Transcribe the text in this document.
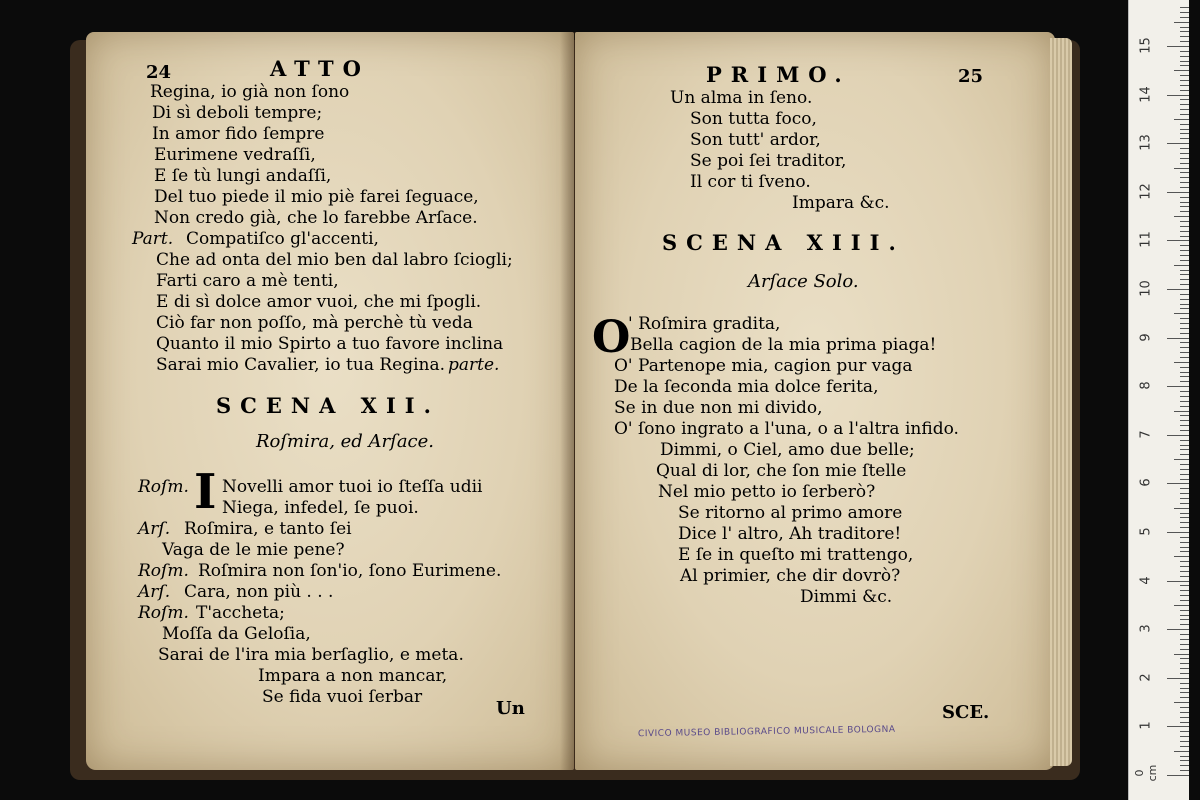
24	ATTO
Regina, io già non ſono
Di sì deboli tempre;
In amor fido ſempre
Eurimene vedraſſi,
E ſe tù lungi andaſſi,
Del tuo piede il mio piè farei ſeguace,
Non credo già, che lo farebbe Arſace.
Part. Compatiſco gl'accenti,
Che ad onta del mio ben dal labro ſciogli;
Farti caro a mè tenti,
E di sì dolce amor vuoi, che mi ſpogli.
Ciò far non poſſo, mà perchè tù veda
Quanto il mio Spirto a tuo favore inclina
Sarai mio Cavalier, io tua Regina. parte.
SCENA XII.
Roſmira, ed Arſace.
Roſm. I Novelli amor tuoi io ſteſſa udii
Niega, infedel, ſe puoi.
Arſ. Roſmira, e tanto ſei
Vaga de le mie pene?
Roſm. Roſmira non ſon'io, ſono Eurimene.
Arſ. Cara, non più . . .
Roſm. T'accheta;
Moſſa da Geloſia,
Sarai de l'ira mia berſaglio, e meta.
Impara a non mancar,
Se fida vuoi ſerbar
Un
PRIMO.	25
Un alma in ſeno.
Son tutta foco,
Son tutt' ardor,
Se poi ſei traditor,
Il cor ti ſveno.
Impara &c.
SCENA XIII.
Arſace Solo.
O
' Roſmira gradita,
Bella cagion de la mia prima piaga!
O' Partenope mia, cagion pur vaga
De la ſeconda mia dolce ferita,
Se in due non mi divido,
O' ſono ingrato a l'una, o a l'altra infido.
Dimmi, o Ciel, amo due belle;
Qual di lor, che ſon mie ſtelle
Nel mio petto io ſerberò?
Se ritorno al primo amore
Dice l' altro, Ah traditore!
E ſe in queſto mi trattengo,
Al primier, che dir dovrò?
Dimmi &c.
SCE.
CIVICO MUSEO BIBLIOGRAFICO MUSICALE BOLOGNA
0 cm
1
2
3
4
5
6
7
8
9
10
11
12
13
14
15
